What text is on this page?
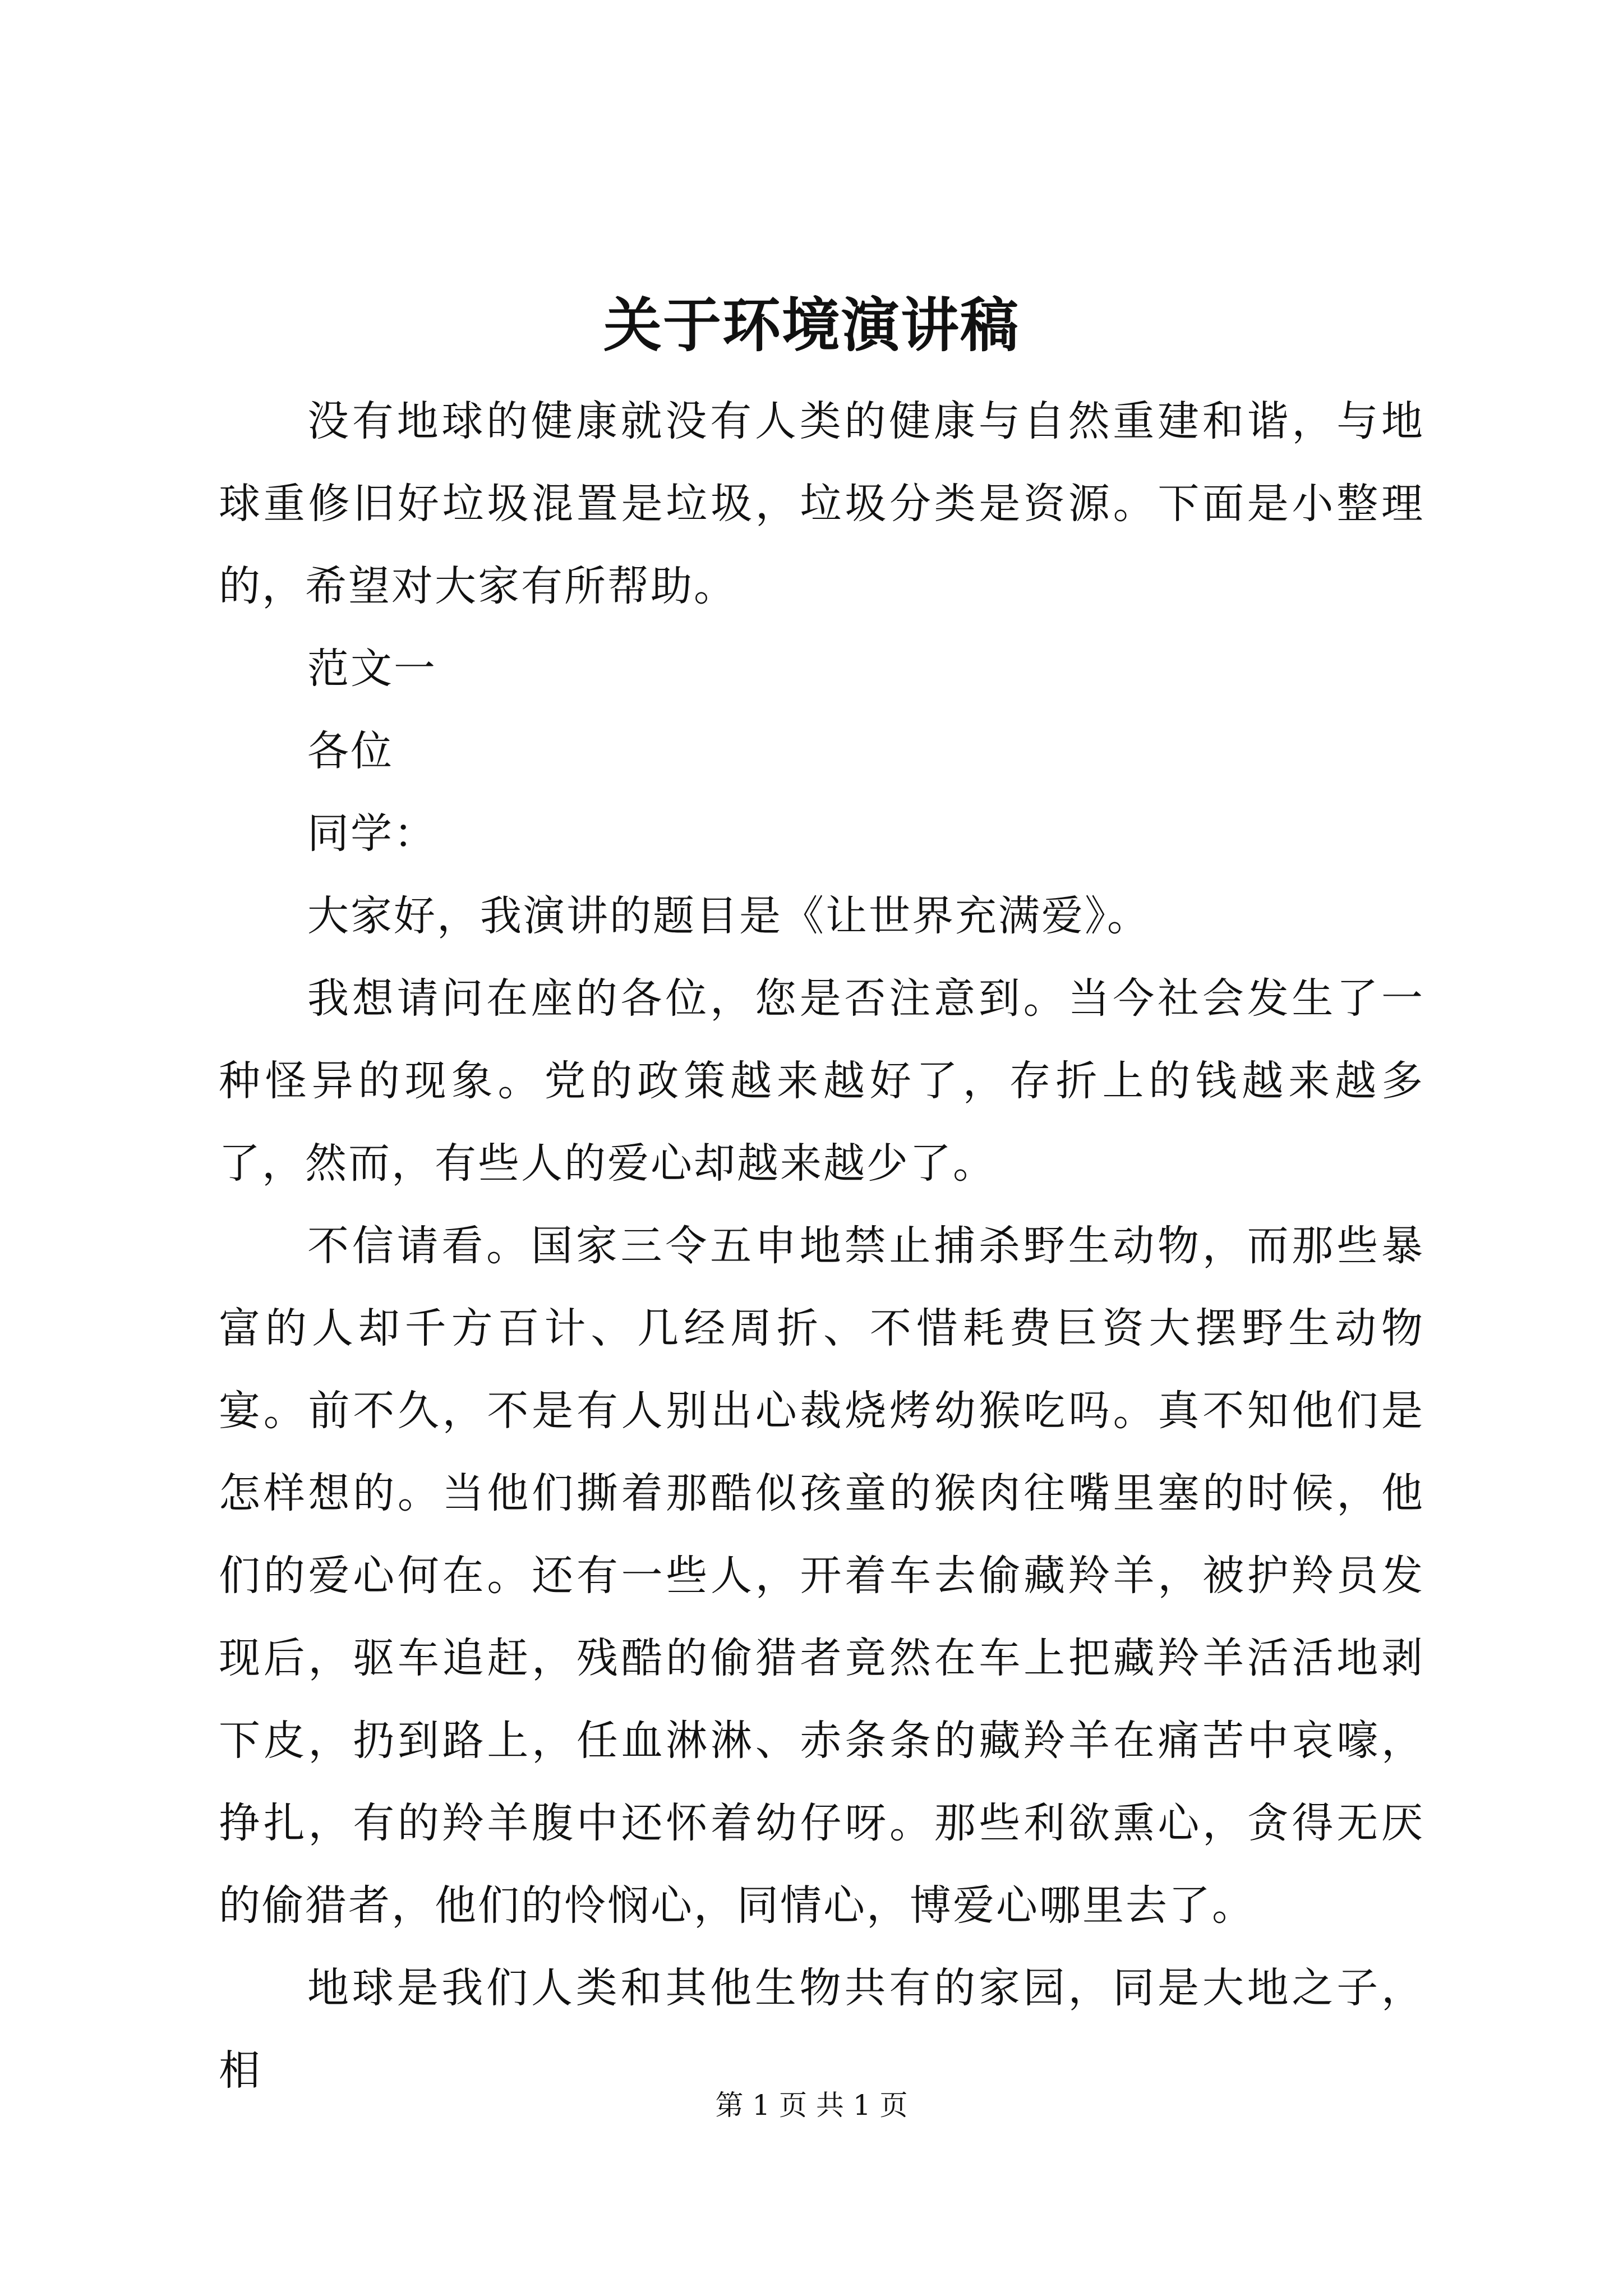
关于环境演讲稿

没有地球的健康就没有人类的健康与自然重建和谐，与地球重修旧好垃圾混置是垃圾，垃圾分类是资源。下面是小整理的，希望对大家有所帮助。

范文一

各位

同学：

大家好，我演讲的题目是《让世界充满爱》。

我想请问在座的各位，您是否注意到。当今社会发生了一种怪异的现象。党的政策越来越好了，存折上的钱越来越多了，然而，有些人的爱心却越来越少了。

不信请看。国家三令五申地禁止捕杀野生动物，而那些暴富的人却千方百计、几经周折、不惜耗费巨资大摆野生动物宴。前不久，不是有人别出心裁烧烤幼猴吃吗。真不知他们是怎样想的。当他们撕着那酷似孩童的猴肉往嘴里塞的时候，他们的爱心何在。还有一些人，开着车去偷藏羚羊，被护羚员发现后，驱车追赶，残酷的偷猎者竟然在车上把藏羚羊活活地剥下皮，扔到路上，任血淋淋、赤条条的藏羚羊在痛苦中哀嚎，挣扎，有的羚羊腹中还怀着幼仔呀。那些利欲熏心，贪得无厌的偷猎者，他们的怜悯心，同情心，博爱心哪里去了。

地球是我们人类和其他生物共有的家园，同是大地之子，相

第 1 页 共 1 页
